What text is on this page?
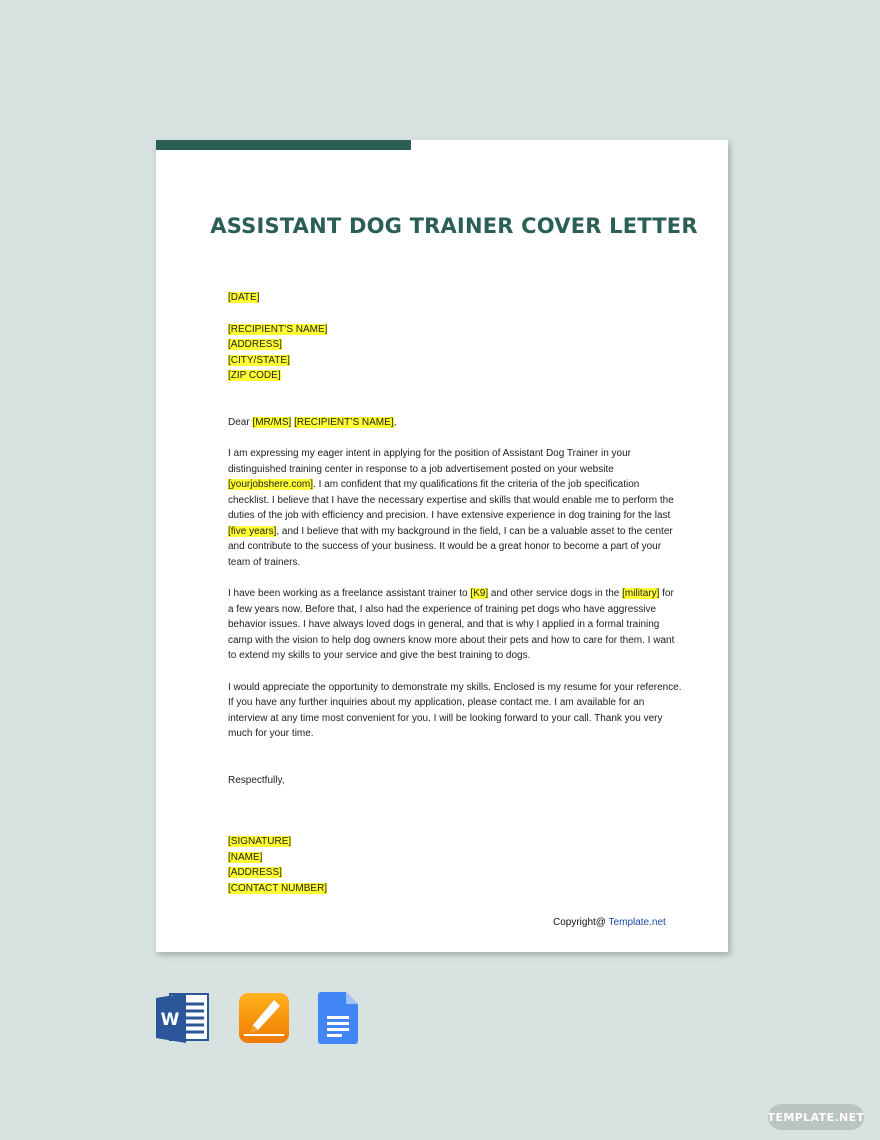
ASSISTANT DOG TRAINER COVER LETTER
[DATE]
[RECIPIENT’S NAME]
[ADDRESS]
[CITY/STATE]
[ZIP CODE]
Dear [MR/MS] [RECIPIENT’S NAME],

I am expressing my eager intent in applying for the position of Assistant Dog Trainer in your distinguished training center in response to a job advertisement posted on your website [yourjobshere.com]. I am confident that my qualifications fit the criteria of the job specification checklist. I believe that I have the necessary expertise and skills that would enable me to perform the duties of the job with efficiency and precision. I have extensive experience in dog training for the last [five years], and I believe that with my background in the field, I can be a valuable asset to the center and contribute to the success of your business. It would be a great honor to become a part of your team of trainers.

I have been working as a freelance assistant trainer to [K9] and other service dogs in the [military] for a few years now. Before that, I also had the experience of training pet dogs who have aggressive behavior issues. I have always loved dogs in general, and that is why I applied in a formal training camp with the vision to help dog owners know more about their pets and how to care for them. I want to extend my skills to your service and give the best training to dogs.

I would appreciate the opportunity to demonstrate my skills. Enclosed is my resume for your reference. If you have any further inquiries about my application, please contact me. I am available for an interview at any time most convenient for you. I will be looking forward to your call. Thank you very much for your time.

Respectfully,
[SIGNATURE]
[NAME]
[ADDRESS]
[CONTACT NUMBER]
Copyright@ Template.net
W
TEMPLATE.NET
